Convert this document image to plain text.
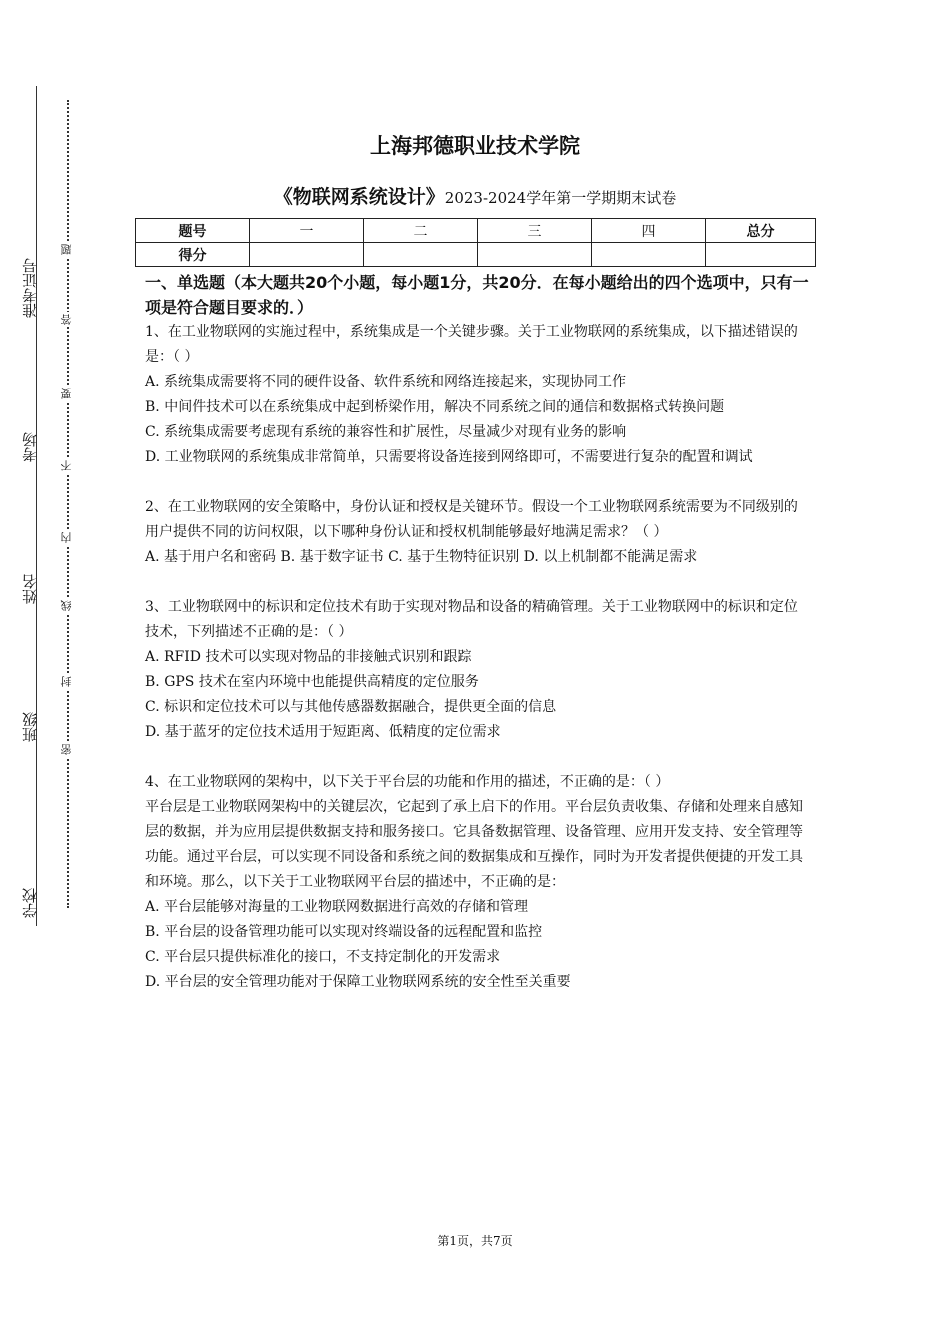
学校
班级
姓名
考场
准考证号
密
封
线
内
不
要
答
题
上海邦德职业技术学院
《物联网系统设计》2023-2024学年第一学期期末试卷
题号	一	二	三	四	总分
得分					
一、单选题（本大题共20个小题，每小题1分，共20分．在每小题给出的四个选项中，只有一项是符合题目要求的．）
1、在工业物联网的实施过程中，系统集成是一个关键步骤。关于工业物联网的系统集成，以下描述错误的是：（ ）
A. 系统集成需要将不同的硬件设备、软件系统和网络连接起来，实现协同工作
B. 中间件技术可以在系统集成中起到桥梁作用，解决不同系统之间的通信和数据格式转换问题
C. 系统集成需要考虑现有系统的兼容性和扩展性，尽量减少对现有业务的影响
D. 工业物联网的系统集成非常简单，只需要将设备连接到网络即可，不需要进行复杂的配置和调试
2、在工业物联网的安全策略中，身份认证和授权是关键环节。假设一个工业物联网系统需要为不同级别的用户提供不同的访问权限，以下哪种身份认证和授权机制能够最好地满足需求？（ ）
A. 基于用户名和密码 B. 基于数字证书 C. 基于生物特征识别 D. 以上机制都不能满足需求
3、工业物联网中的标识和定位技术有助于实现对物品和设备的精确管理。关于工业物联网中的标识和定位技术，下列描述不正确的是：（ ）
A. RFID 技术可以实现对物品的非接触式识别和跟踪
B. GPS 技术在室内环境中也能提供高精度的定位服务
C. 标识和定位技术可以与其他传感器数据融合，提供更全面的信息
D. 基于蓝牙的定位技术适用于短距离、低精度的定位需求
4、在工业物联网的架构中，以下关于平台层的功能和作用的描述，不正确的是：（ ）
平台层是工业物联网架构中的关键层次，它起到了承上启下的作用。平台层负责收集、存储和处理来自感知层的数据，并为应用层提供数据支持和服务接口。它具备数据管理、设备管理、应用开发支持、安全管理等功能。通过平台层，可以实现不同设备和系统之间的数据集成和互操作，同时为开发者提供便捷的开发工具和环境。那么，以下关于工业物联网平台层的描述中，不正确的是：
A. 平台层能够对海量的工业物联网数据进行高效的存储和管理
B. 平台层的设备管理功能可以实现对终端设备的远程配置和监控
C. 平台层只提供标准化的接口，不支持定制化的开发需求
D. 平台层的安全管理功能对于保障工业物联网系统的安全性至关重要
第1页，共7页
